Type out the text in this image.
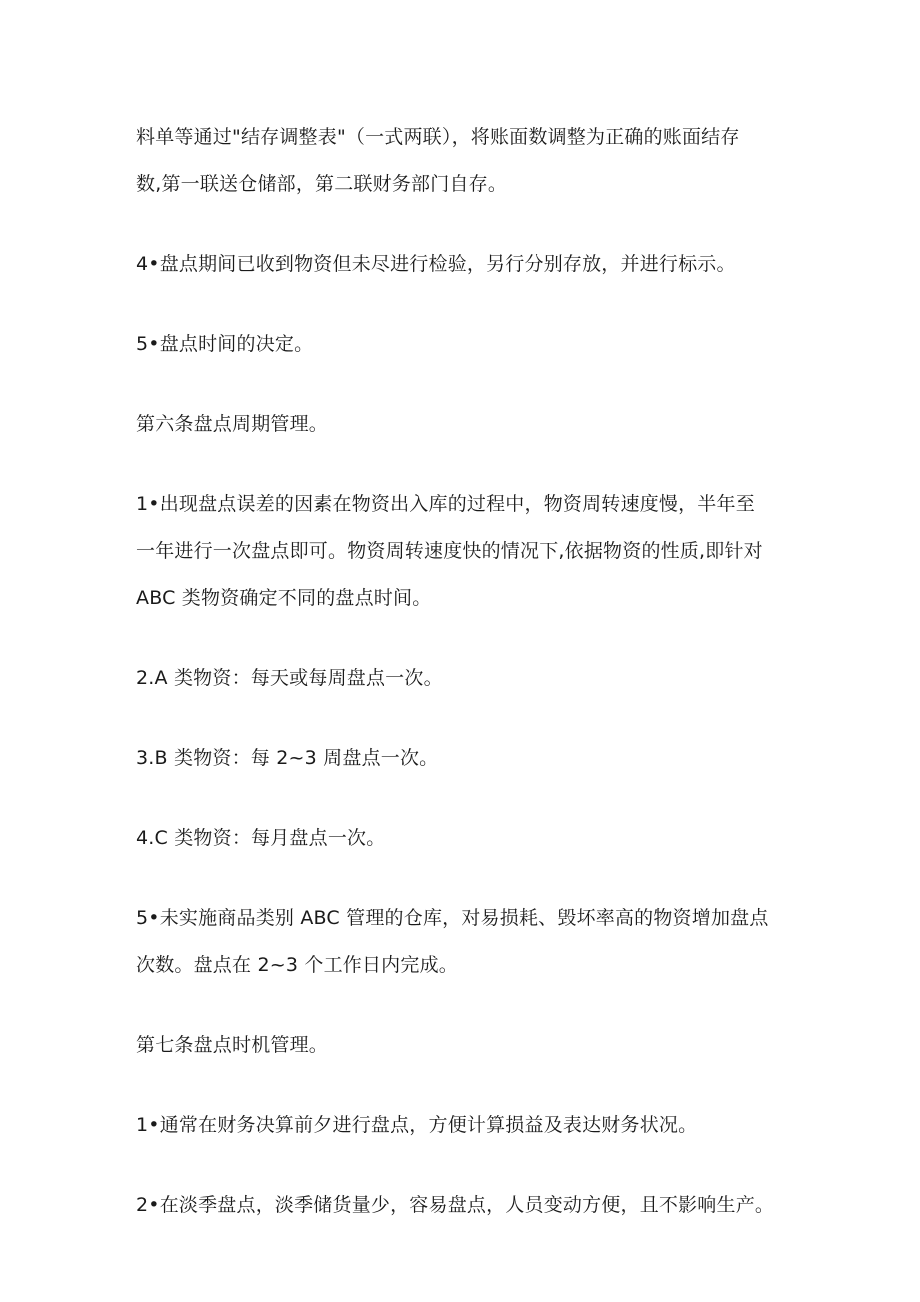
料单等通过"结存调整表"（一式两联），将账面数调整为正确的账面结存
数,第一联送仓储部，第二联财务部门自存。

4•盘点期间已收到物资但未尽进行检验，另行分别存放，并进行标示。

5•盘点时间的决定。

第六条盘点周期管理。

1•出现盘点误差的因素在物资出入库的过程中，物资周转速度慢，半年至
一年进行一次盘点即可。物资周转速度快的情况下,依据物资的性质,即针对
ABC 类物资确定不同的盘点时间。

2.A 类物资：每天或每周盘点一次。

3.B 类物资：每 2~3 周盘点一次。

4.C 类物资：每月盘点一次。

5•未实施商品类别 ABC 管理的仓库，对易损耗、毁坏率高的物资增加盘点
次数。盘点在 2~3 个工作日内完成。

第七条盘点时机管理。

1•通常在财务决算前夕进行盘点，方便计算损益及表达财务状况。

2•在淡季盘点，淡季储货量少，容易盘点，人员变动方便，且不影响生产。
